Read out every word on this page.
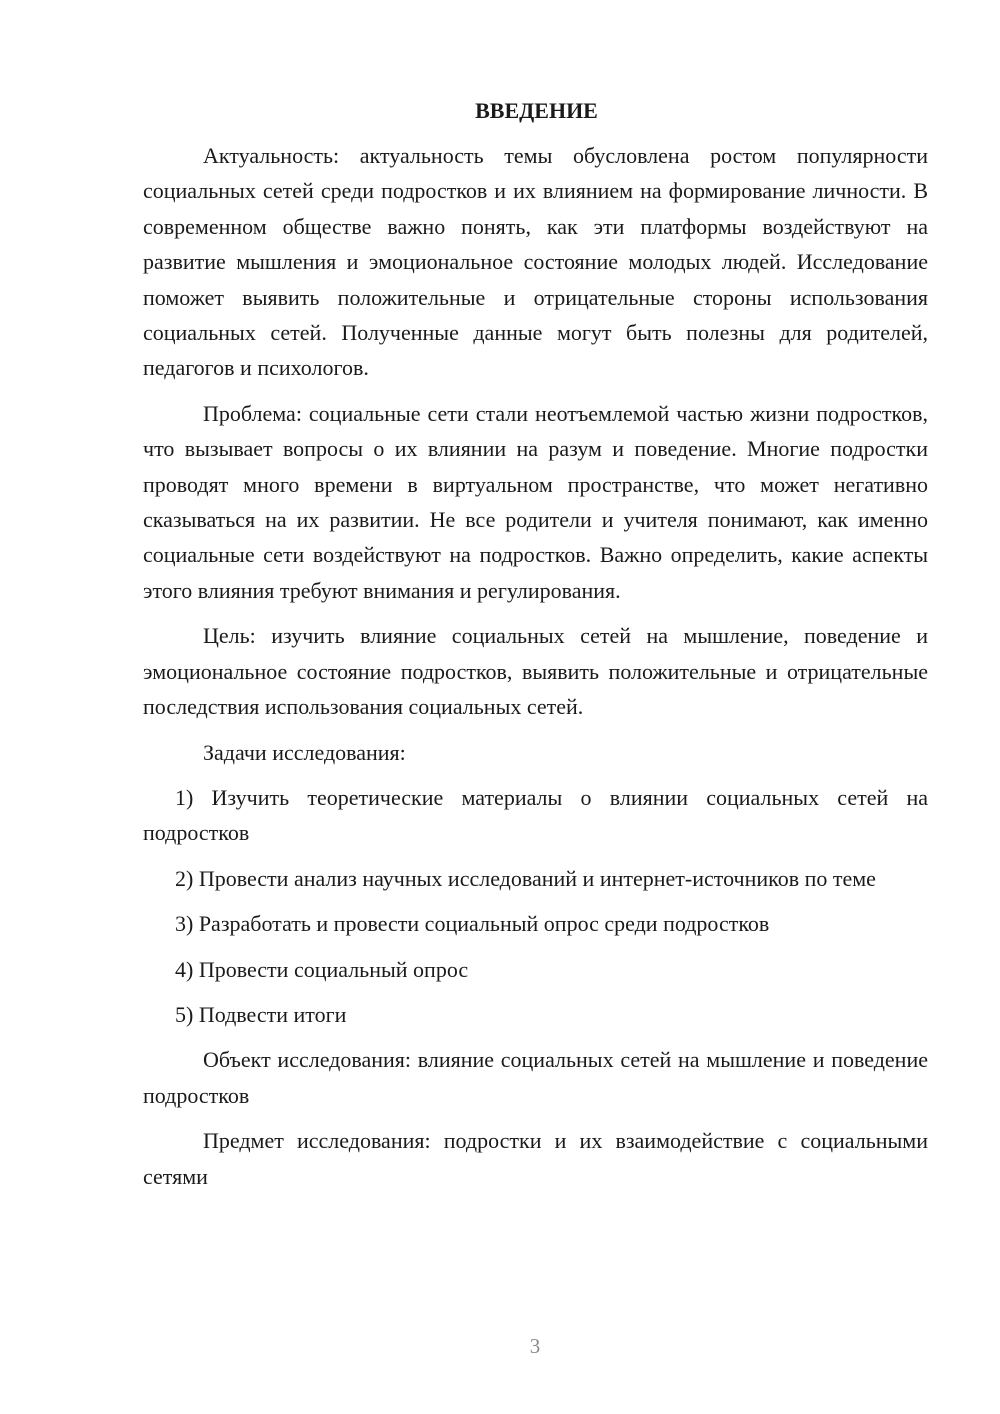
ВВЕДЕНИЕ

Актуальность: актуальность темы обусловлена ростом популярности социальных сетей среди подростков и их влиянием на формирование личности. В современном обществе важно понять, как эти платформы воздействуют на развитие мышления и эмоциональное состояние молодых людей. Исследование поможет выявить положительные и отрицательные стороны использования социальных сетей. Полученные данные могут быть полезны для родителей, педагогов и психологов.

Проблема: социальные сети стали неотъемлемой частью жизни подростков, что вызывает вопросы о их влиянии на разум и поведение. Многие подростки проводят много времени в виртуальном пространстве, что может негативно сказываться на их развитии. Не все родители и учителя понимают, как именно социальные сети воздействуют на подростков. Важно определить, какие аспекты этого влияния требуют внимания и регулирования.

Цель: изучить влияние социальных сетей на мышление, поведение и эмоциональное состояние подростков, выявить положительные и отрицательные последствия использования социальных сетей.

Задачи исследования:

1) Изучить теоретические материалы о влиянии социальных сетей на подростков

2) Провести анализ научных исследований и интернет-источников по теме

3) Разработать и провести социальный опрос среди подростков

4) Провести социальный опрос

5) Подвести итоги

Объект исследования: влияние социальных сетей на мышление и поведение подростков

Предмет исследования: подростки и их взаимодействие с социальными сетями

3
